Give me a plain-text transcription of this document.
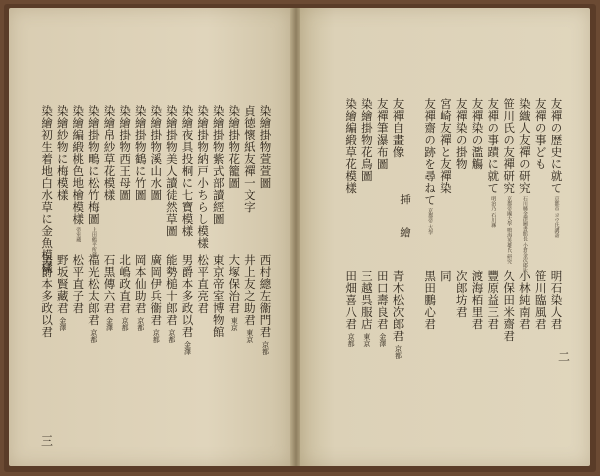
三
染繪掛物萱萱圖
貞徳懷紙友禪一文字
染繪掛物花籠圖
染繪掛物紫式部讀經圖
染繪掛物納戸小ちらし模樣
染繪夜具投桐に七寶模樣
染繪掛物美人讀徒然草圖
染繪掛物溪山水圖
染繪掛物鶴に竹圖
染繪掛物西王母圖
染繪帛紗草花模樣
染繪掛物鴫に松竹梅圖上田鶴平所蔵
染繪編緞桃色地檜模樣帝室蔵
染繪紗物に梅模樣
染繪初生着地白水草に金魚模樣
西村總左衞門君京都
井上友之助君東京
大塚保治君東京
東京帝室博物館
松平直亮君
男爵本多政以君金澤
能勢槌十郎君京都
廣岡伊兵衞君京都
岡本仙助君京都
北嶋政直君京都
石黒傳六君金澤
福光松太郎君京都
松平直子君
野坂賢藏君金澤
男爵本多政以君
二
挿　繪
友禪の歴史に就て京都市 ヨウ氏講話
友禪の事ども
染織人友禪の研究石川縣金澤圖書館長 小倉金次郎氏
笹川氏の友禪研究京都帝國大學 鳴海英雄氏 研究
友禪の事蹟に就て明治乃 石川縣
友禪染の濫觴
友禪染の掛物
宮崎友禪と友禪染
友禪齋の跡を尋ねて京都帝 大學
友禪自畫像
友禪筆瀑布圖
染繪掛物花鳥圖
染繪編緞草花模樣
明石染人君
笹川臨風君
小林純南君
久保田米齋君
豐原益三君
渡海栢里君
次郎坊君
同
黒田鵬心君
青木松次郎君京都
田口壽良君金澤
三越呉服店東京
田畑喜八君京都
